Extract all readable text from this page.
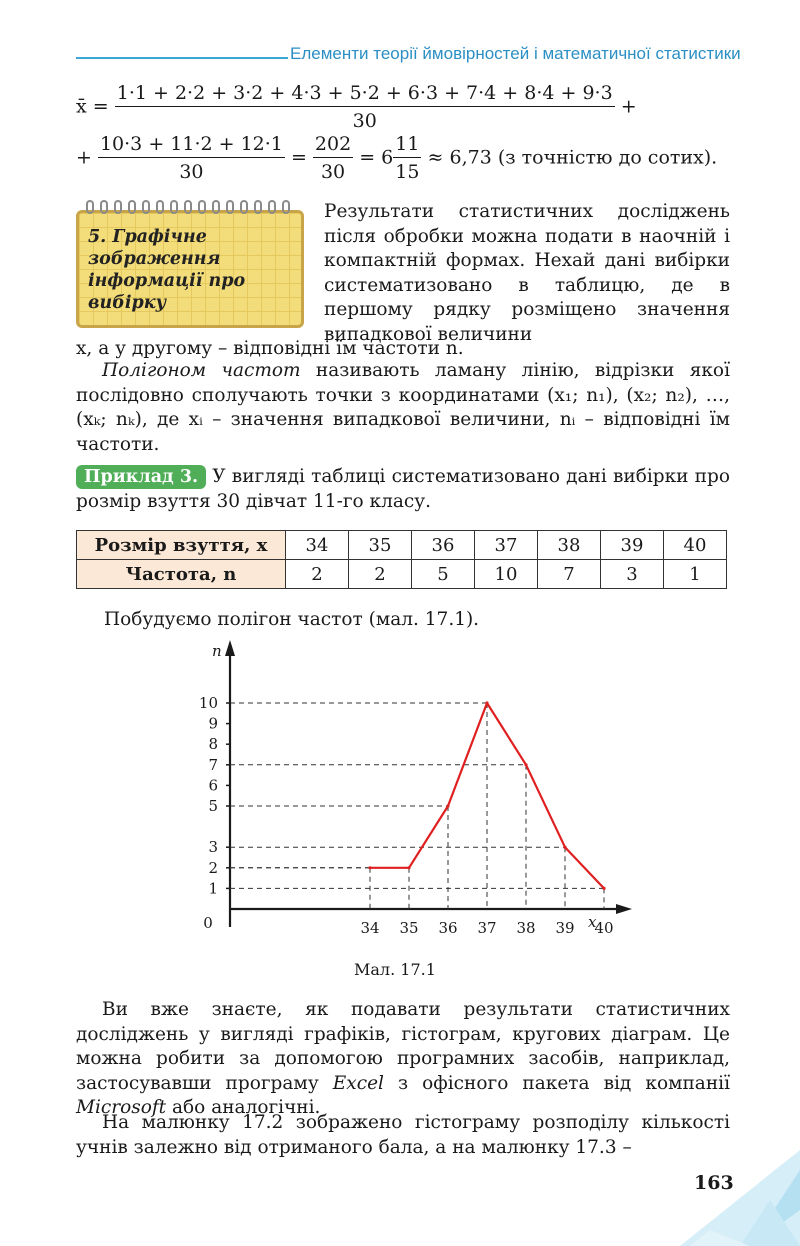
Елементи теорії ймовірностей і математичної статистики
x̄ = $\frac{1\cdot 1 + 2\cdot 2 + 3\cdot 2 + 4\cdot 3 + 5\cdot 2 + 6\cdot 3 + 7\cdot 4 + 8\cdot 4 + 9\cdot 3}{30}$ +
+ $\frac{10\cdot 3 + 11\cdot 2 + 12\cdot 1}{30} = \frac{202}{30} = 6 \frac{11}{15} \approx 6,73$ (з точністю до сотих).
5. Графічне зображення інформації про вибірку
Результати статистичних досліджень після обробки можна подати в наочній і компактній формах. Нехай дані вибірки систематизовано в таблицю, де в першому рядку розміщено значення випадкової величини
x, а у другому – відповідні їм частоти n.
Полігоном частот називають ламану лінію, відрізки якої послідовно сполучають точки з координатами (x₁; n₁), (x₂; n₂), …, (xₖ; nₖ), де xᵢ – значення випадкової величини, nᵢ – відповідні їм частоти.
Приклад 3. У вигляді таблиці систематизовано дані вибірки про розмір взуття 30 дівчат 11-го класу.
Розмір взуття, x	34	35	36	37	38	39	40
Частота, n	2	2	5	10	7	3	1
Побудуємо полігон частот (мал. 17.1).
1
2
3
5
6
7
8
9
10
34 35 36 37 38 39 40
0
n
x
Мал. 17.1
Ви вже знаєте, як подавати результати статистичних досліджень у вигляді графіків, гістограм, кругових діаграм. Це можна робити за допомогою програмних засобів, наприклад, застосувавши програму Excel з офісного пакета від компанії Microsoft або аналогічні.
На малюнку 17.2 зображено гістограму розподілу кількості учнів залежно від отриманого бала, а на малюнку 17.3 –
163
